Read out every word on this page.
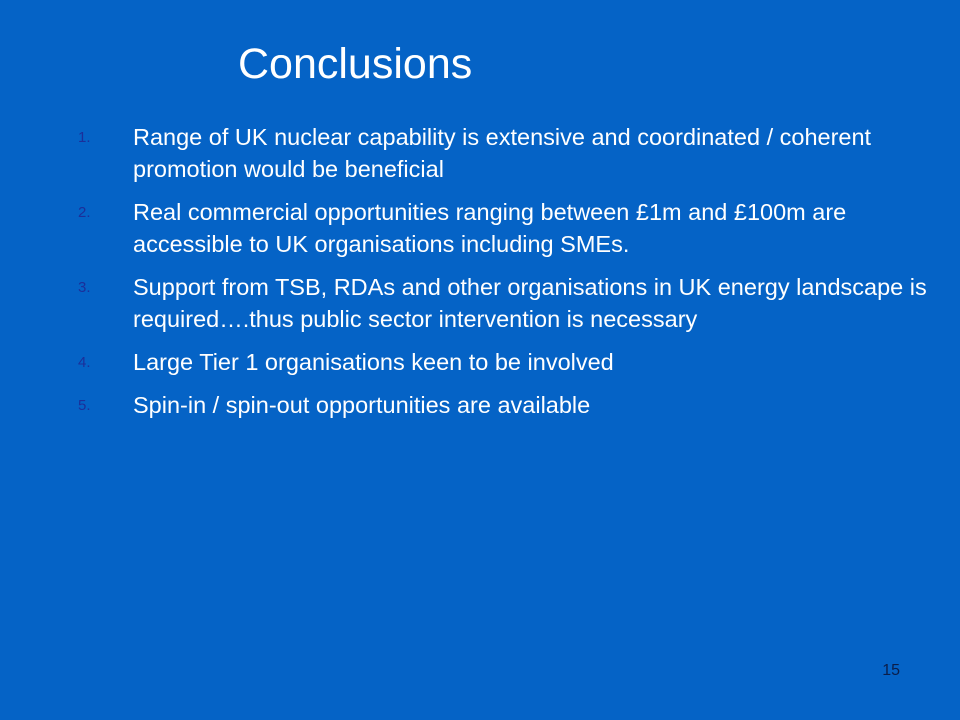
Conclusions
1. Range of UK nuclear capability is extensive and coordinated / coherent promotion would be beneficial
2. Real commercial opportunities ranging between £1m and £100m are accessible to UK organisations including SMEs.
3. Support from TSB, RDAs and other organisations in UK energy landscape is required….thus public sector intervention is necessary
4. Large Tier 1 organisations keen to be involved
5. Spin-in / spin-out opportunities are available
15
